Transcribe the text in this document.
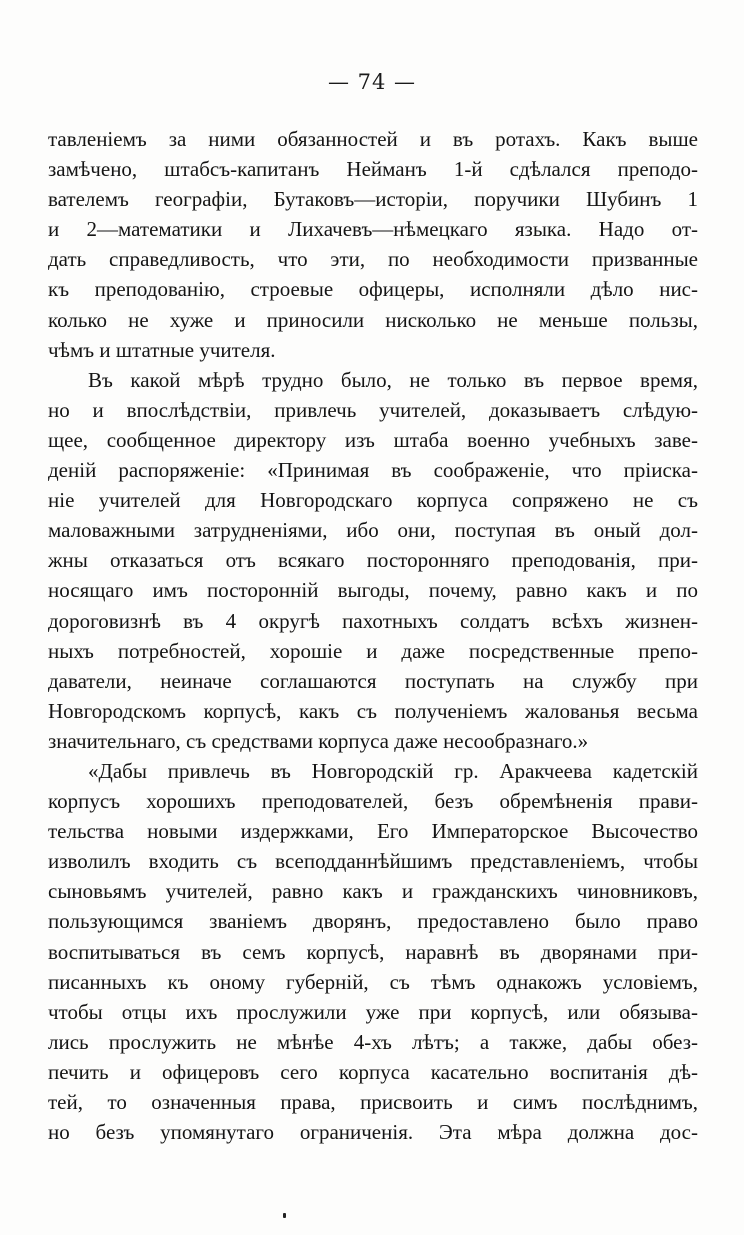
— 74 —
тавленіемъ за ними обязанностей и въ ротахъ. Какъ выше
замѣчено, штабсъ-капитанъ Нейманъ 1-й сдѣлался преподо-
вателемъ географіи, Бутаковъ—исторіи, поручики Шубинъ 1
и 2—математики и Лихачевъ—нѣмецкаго языка. Надо от-
дать справедливость, что эти, по необходимости призванные
къ преподованію, строевые офицеры, исполняли дѣло нис-
колько не хуже и приносили нисколько не меньше пользы,
чѣмъ и штатные учителя.
Въ какой мѣрѣ трудно было, не только въ первое время,
но и впослѣдствіи, привлечь учителей, доказываетъ слѣдую-
щее, сообщенное директору изъ штаба военно учебныхъ заве-
деній распоряженіе: «Принимая въ соображеніе, что пріиска-
ніе учителей для Новгородскаго корпуса сопряжено не съ
маловажными затрудненіями, ибо они, поступая въ оный дол-
жны отказаться отъ всякаго посторонняго преподованія, при-
носящаго имъ посторонній выгоды, почему, равно какъ и по
дороговизнѣ въ 4 округѣ пахотныхъ солдатъ всѣхъ жизнен-
ныхъ потребностей, хорошіе и даже посредственные препо-
даватели, неиначе соглашаются поступать на службу при
Новгородскомъ корпусѣ, какъ съ полученіемъ жалованья весьма
значительнаго, съ средствами корпуса даже несообразнаго.»
«Дабы привлечь въ Новгородскій гр. Аракчеева кадетскій
корпусъ хорошихъ преподователей, безъ обремѣненія прави-
тельства новыми издержками, Его Императорское Высочество
изволилъ входить съ всеподданнѣйшимъ представленіемъ, чтобы
сыновьямъ учителей, равно какъ и гражданскихъ чиновниковъ,
пользующимся званіемъ дворянъ, предоставлено было право
воспитываться въ семъ корпусѣ, наравнѣ въ дворянами при-
писанныхъ къ оному губерній, съ тѣмъ однакожъ условіемъ,
чтобы отцы ихъ прослужили уже при корпусѣ, или обязыва-
лись прослужить не мѣнѣе 4-хъ лѣтъ; а также, дабы обез-
печить и офицеровъ сего корпуса касательно воспитанія дѣ-
тей, то означенныя права, присвоить и симъ послѣднимъ,
но безъ упомянутаго ограниченія. Эта мѣра должна дос-
